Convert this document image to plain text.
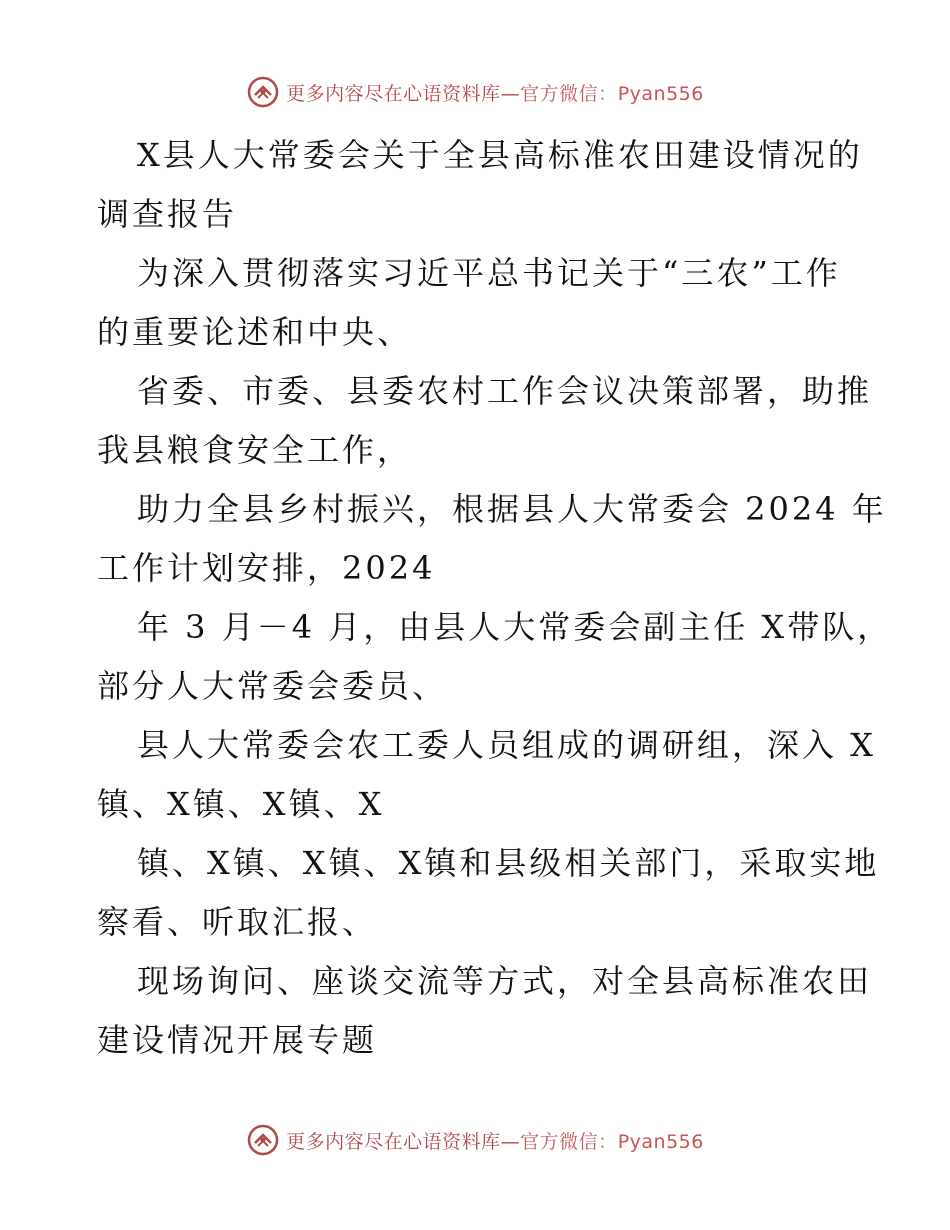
更多内容尽在心语资料库—官方微信：Pyan556
X县人大常委会关于全县高标准农田建设情况的
调查报告
为深入贯彻落实习近平总书记关于“三农”工作
的重要论述和中央、
省委、市委、县委农村工作会议决策部署，助推
我县粮食安全工作，
助力全县乡村振兴，根据县人大常委会 2024 年
工作计划安排，2024
年 3 月－4 月，由县人大常委会副主任 X带队，
部分人大常委会委员、
县人大常委会农工委人员组成的调研组，深入 X
镇、X镇、X镇、X
镇、X镇、X镇、X镇和县级相关部门，采取实地
察看、听取汇报、
现场询问、座谈交流等方式，对全县高标准农田
建设情况开展专题
更多内容尽在心语资料库—官方微信：Pyan556
